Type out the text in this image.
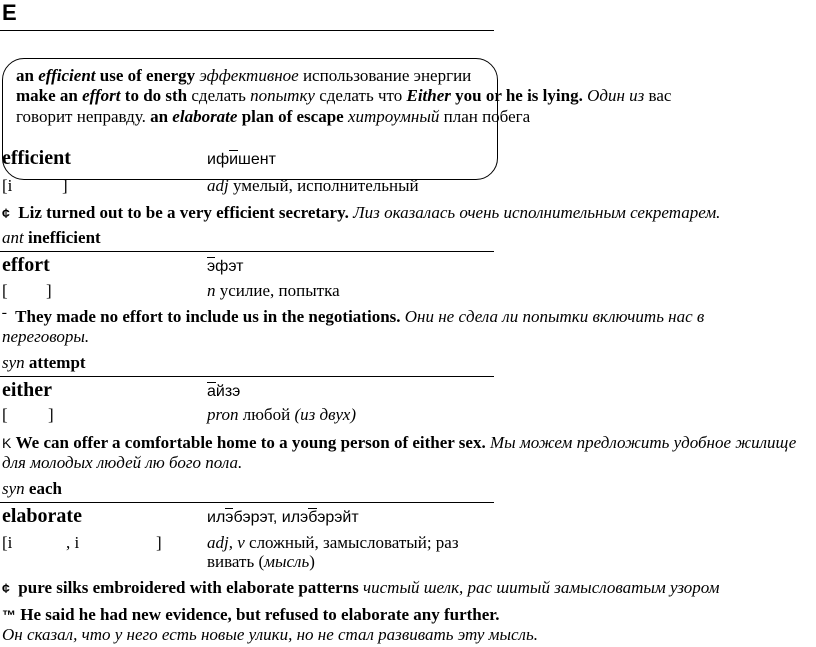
E
an efficient use of energy эффективное использование энергии
make an effort to do sth сделать попытку сделать что Either you or he is lying. Один из вас
говорит неправду. an elaborate plan of escape хитроумный план побега
efficient	ифишент
[i	]	adj умелый, исполнительный
¢ Liz turned out to be a very efficient secretary. Лиз оказалась очень исполнительным секретарем.
ant inefficient
effort	эфэт
[ ]	n усилие, попытка
ˉ They made no effort to include us in the negotiations. Они не сдела ли попытки включить нас в
переговоры.
syn attempt
either	айзэ
[ ]	pron любой (из двух)
K We can offer a comfortable home to a young person of either sex. Мы можем предложить удобное жилище
для молодых людей лю бого пола.
syn each
elaborate	илэбэрэт, илэбэрэйт
[i	, i	]	adj, v сложный, замысловатый; раз
вивать (мысль)
¢ pure silks embroidered with elaborate patterns чистый шелк, рас шитый замысловатым узором
™ He said he had new evidence, but refused to elaborate any further.
Он сказал, что у него есть новые улики, но не стал развивать эту мысль.
